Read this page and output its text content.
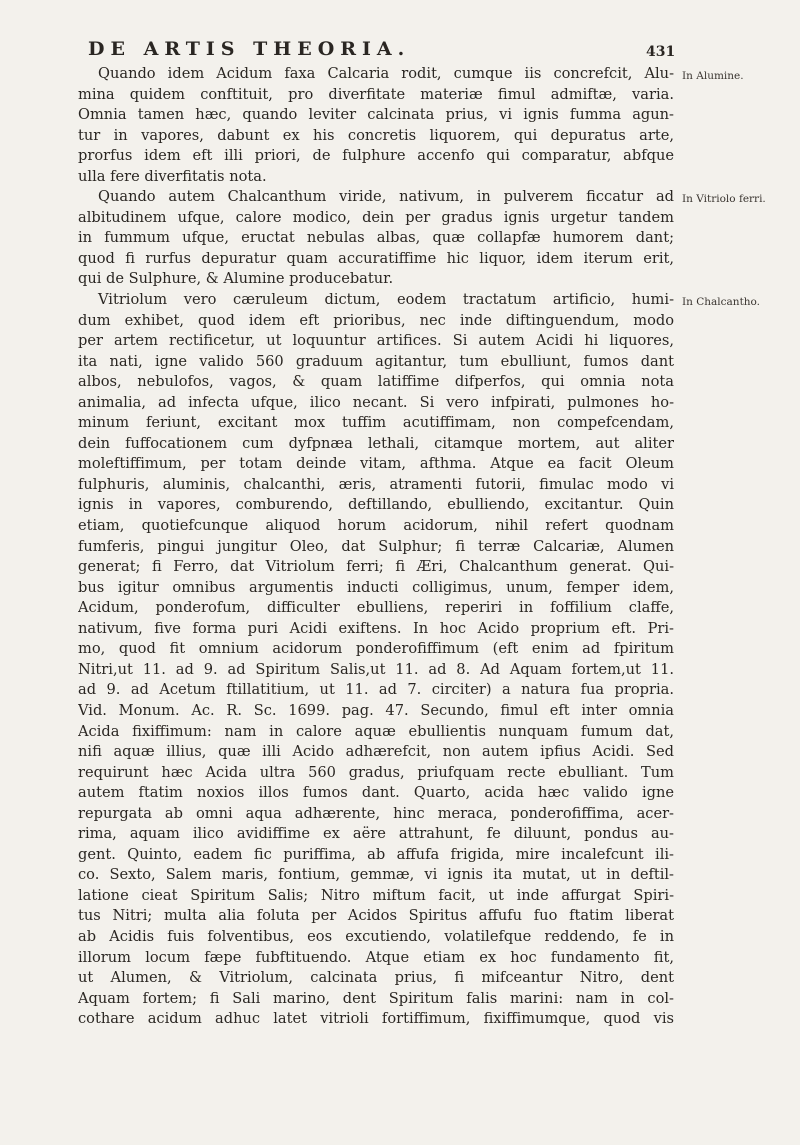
DE ARTIS THEORIA.	431
In Alumine.
In Vitriolo ferri.
In Chalcantho.
Quando idem Acidum faxa Calcaria rodit, cumque iis concrefcit, Alu-
mina quidem conftituit, pro diverfitate materiæ fimul admiftæ, varia.
Omnia tamen hæc, quando leviter calcinata prius, vi ignis fumma agun-
tur in vapores, dabunt ex his concretis liquorem, qui depuratus arte,
prorfus idem eft illi priori, de fulphure accenfo qui comparatur, abfque
ulla fere diverfitatis nota.
Quando autem Chalcanthum viride, nativum, in pulverem ficcatur ad
albitudinem ufque, calore modico, dein per gradus ignis urgetur tandem
in fummum ufque, eructat nebulas albas, quæ collapfæ humorem dant;
quod fi rurfus depuratur quam accuratiffime hic liquor, idem iterum erit,
qui de Sulphure, & Alumine producebatur.
Vitriolum vero cæruleum dictum, eodem tractatum artificio, humi-
dum exhibet, quod idem eft prioribus, nec inde diftinguendum, modo
per artem rectificetur, ut loquuntur artifices. Si autem Acidi hi liquores,
ita nati, igne valido 560 graduum agitantur, tum ebulliunt, fumos dant
albos, nebulofos, vagos, & quam latiffime difperfos, qui omnia nota
animalia, ad infecta ufque, ilico necant. Si vero infpirati, pulmones ho-
minum feriunt, excitant mox tuffim acutiffimam, non compefcendam,
dein fuffocationem cum dyfpnæa lethali, citamque mortem, aut aliter
moleftiffimum, per totam deinde vitam, afthma. Atque ea facit Oleum
fulphuris, aluminis, chalcanthi, æris, atramenti futorii, fimulac modo vi
ignis in vapores, comburendo, deftillando, ebulliendo, excitantur. Quin
etiam, quotiefcunque aliquod horum acidorum, nihil refert quodnam
fumferis, pingui jungitur Oleo, dat Sulphur; fi terræ Calcariæ, Alumen
generat; fi Ferro, dat Vitriolum ferri; fi Æri, Chalcanthum generat. Qui-
bus igitur omnibus argumentis inducti colligimus, unum, femper idem,
Acidum, ponderofum, difficulter ebulliens, reperiri in foffilium claffe,
nativum, five forma puri Acidi exiftens. In hoc Acido proprium eft. Pri-
mo, quod fit omnium acidorum ponderofiffimum (eft enim ad fpiritum
Nitri,ut 11. ad 9. ad Spiritum Salis,ut 11. ad 8. Ad Aquam fortem,ut 11.
ad 9. ad Acetum ftillatitium, ut 11. ad 7. circiter) a natura fua propria.
Vid. Monum. Ac. R. Sc. 1699. pag. 47. Secundo, fimul eft inter omnia
Acida fixiffimum: nam in calore aquæ ebullientis nunquam fumum dat,
nifi aquæ illius, quæ illi Acido adhærefcit, non autem ipfius Acidi. Sed
requirunt hæc Acida ultra 560 gradus, priufquam recte ebulliant. Tum
autem ftatim noxios illos fumos dant. Quarto, acida hæc valido igne
repurgata ab omni aqua adhærente, hinc meraca, ponderofiffima, acer-
rima, aquam ilico avidiffime ex aëre attrahunt, fe diluunt, pondus au-
gent. Quinto, eadem fic puriffima, ab affufa frigida, mire incalefcunt ili-
co. Sexto, Salem maris, fontium, gemmæ, vi ignis ita mutat, ut in deftil-
latione cieat Spiritum Salis; Nitro miftum facit, ut inde affurgat Spiri-
tus Nitri; multa alia foluta per Acidos Spiritus affufu fuo ftatim liberat
ab Acidis fuis folventibus, eos excutiendo, volatilefque reddendo, fe in
illorum locum fæpe fubftituendo. Atque etiam ex hoc fundamento fit,
ut Alumen, & Vitriolum, calcinata prius, fi mifceantur Nitro, dent
Aquam fortem; fi Sali marino, dent Spiritum falis marini: nam in col-
cothare acidum adhuc latet vitrioli fortiffimum, fixiffimumque, quod vis
